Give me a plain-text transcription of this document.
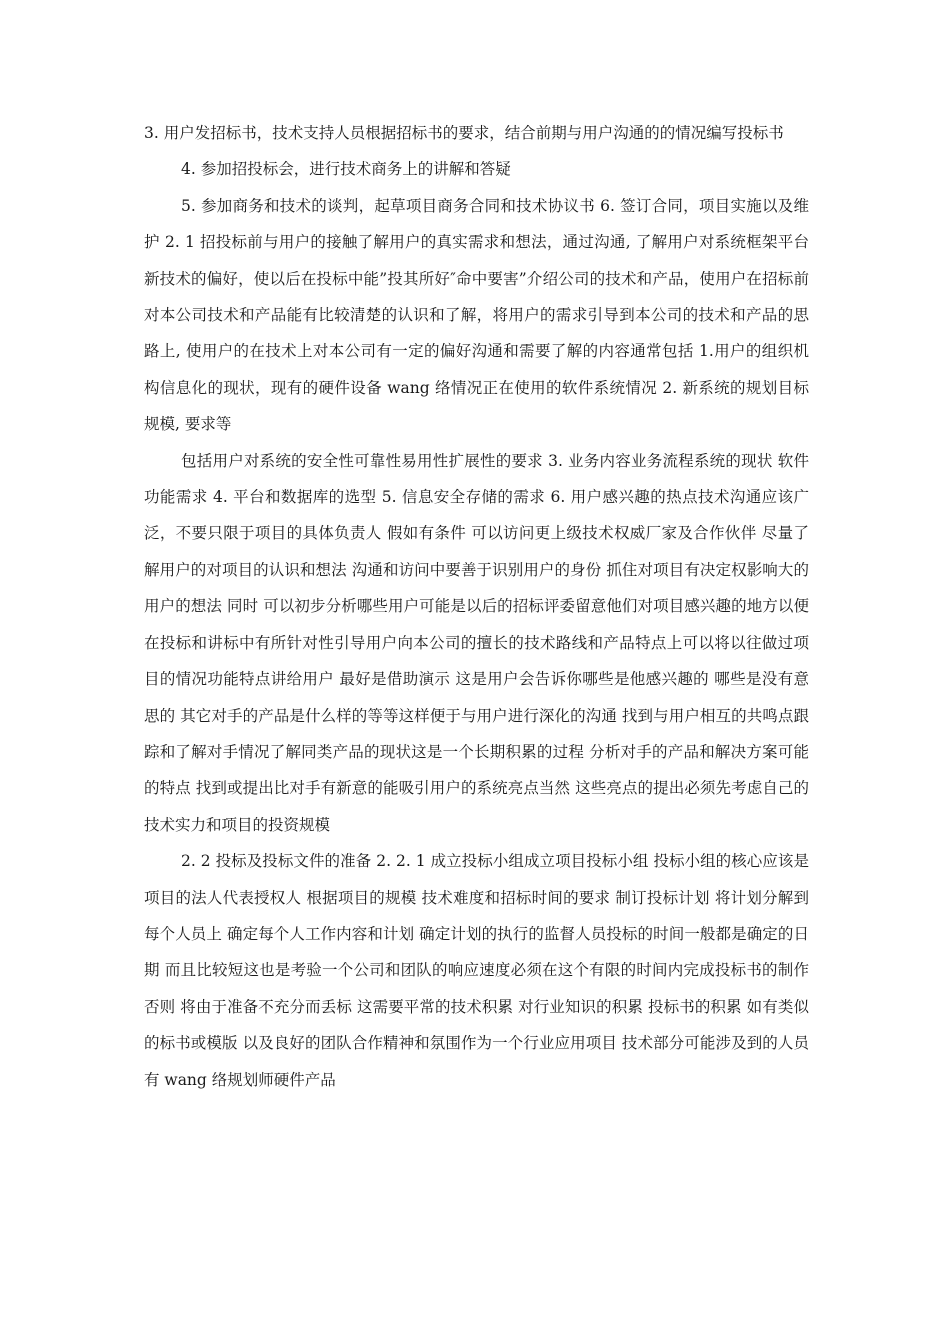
3. 用户发招标书，技术支持人员根据招标书的要求，结合前期与用户沟通的的情况编写投标书

4. 参加招投标会，进行技术商务上的讲解和答疑

5. 参加商务和技术的谈判，起草项目商务合同和技术协议书 6. 签订合同，项目实施以及维护 2. 1 招投标前与用户的接触了解用户的真实需求和想法，通过沟通, 了解用户对系统框架平台新技术的偏好，使以后在投标中能”投其所好″命中要害”介绍公司的技术和产品，使用户在招标前对本公司技术和产品能有比较清楚的认识和了解，将用户的需求引导到本公司的技术和产品的思路上, 使用户的在技术上对本公司有一定的偏好沟通和需要了解的内容通常包括 1.用户的组织机构信息化的现状，现有的硬件设备 wang 络情况正在使用的软件系统情况 2. 新系统的规划目标规模, 要求等

包括用户对系统的安全性可靠性易用性扩展性的要求 3. 业务内容业务流程系统的现状 软件功能需求 4. 平台和数据库的选型 5. 信息安全存储的需求 6. 用户感兴趣的热点技术沟通应该广泛，不要只限于项目的具体负责人 假如有条件 可以访问更上级技术权威厂家及合作伙伴 尽量了解用户的对项目的认识和想法 沟通和访问中要善于识别用户的身份 抓住对项目有决定权影响大的用户的想法 同时 可以初步分析哪些用户可能是以后的招标评委留意他们对项目感兴趣的地方以便在投标和讲标中有所针对性引导用户向本公司的擅长的技术路线和产品特点上可以将以往做过项目的情况功能特点讲给用户 最好是借助演示 这是用户会告诉你哪些是他感兴趣的 哪些是没有意思的 其它对手的产品是什么样的等等这样便于与用户进行深化的沟通 找到与用户相互的共鸣点跟踪和了解对手情况了解同类产品的现状这是一个长期积累的过程 分析对手的产品和解决方案可能的特点 找到或提出比对手有新意的能吸引用户的系统亮点当然 这些亮点的提出必须先考虑自己的技术实力和项目的投资规模

2. 2 投标及投标文件的准备 2. 2. 1 成立投标小组成立项目投标小组 投标小组的核心应该是项目的法人代表授权人 根据项目的规模 技术难度和招标时间的要求 制订投标计划 将计划分解到每个人员上 确定每个人工作内容和计划 确定计划的执行的监督人员投标的时间一般都是确定的日期 而且比较短这也是考验一个公司和团队的响应速度必须在这个有限的时间内完成投标书的制作 否则 将由于准备不充分而丢标 这需要平常的技术积累 对行业知识的积累 投标书的积累 如有类似的标书或模版 以及良好的团队合作精神和氛围作为一个行业应用项目 技术部分可能涉及到的人员有 wang 络规划师硬件产品
